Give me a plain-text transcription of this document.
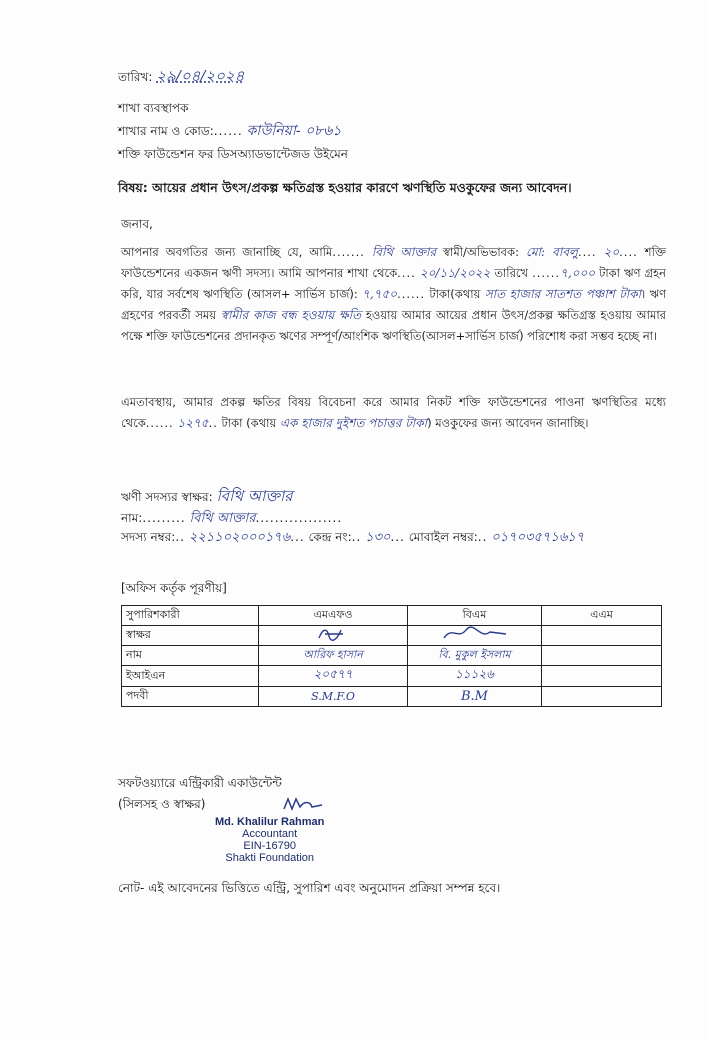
তারিখ: ২৯/০৪/২০২৪
শাখা ব্যবস্থাপক
শাখার নাম ও কোড:...... কাউনিয়া- ০৮৬১
শক্তি ফাউন্ডেশন ফর ডিসঅ্যাডভান্টেজড উইমেন
বিষয়: আয়ের প্রধান উৎস/প্রকল্প ক্ষতিগ্রস্ত হওয়ার কারণে ঋণস্থিতি মওকুফের জন্য আবেদন।
জনাব,
আপনার অবগতির জন্য জানাচ্ছি যে, আমি....... বিথি আক্তার স্বামী/অভিভাবক: মো: বাবলু.... ২০.... শক্তি ফাউন্ডেশনের একজন ঋণী সদস্য। আমি আপনার শাখা থেকে.... ২০/১১/২০২২ তারিখে ......৭,০০০ টাকা ঋণ গ্রহন করি, যার সর্বশেষ ঋণস্থিতি (আসল+ সার্ভিস চার্জ): ৭,৭৫০...... টাকা(কথায় সাত হাজার সাতশত পঞ্চাশ টাকা। ঋণ গ্রহণের পরবর্তী সময় স্বামীর কাজ বন্ধ হওয়ায় ক্ষতি হওয়ায় আমার আয়ের প্রধান উৎস/প্রকল্প ক্ষতিগ্রস্ত হওয়ায় আমার পক্ষে শক্তি ফাউন্ডেশনের প্রদানকৃত ঋণের সম্পূর্ণ/আংশিক ঋণস্থিতি(আসল+সার্ভিস চার্জ) পরিশোধ করা সম্ভব হচ্ছে না।
এমতাবস্থায়, আমার প্রকল্প ক্ষতির বিষয় বিবেচনা করে আমার নিকট শক্তি ফাউন্ডেশনের পাওনা ঋণস্থিতির মধ্যে থেকে...... ১২৭৫.. টাকা (কথায় এক হাজার দুইশত পচাত্তর টাকা) মওকুফের জন্য আবেদন জানাচ্ছি।
ঋণী সদস্যর স্বাক্ষর: বিথি আক্তার
নাম:......... বিথি আক্তার..................
সদস্য নম্বর:.. ২২১১০২০০০১৭৬... কেন্দ্র নং:.. ১৩০... মোবাইল নম্বর:.. ০১৭০৩৫৭১৬১৭
[অফিস কর্তৃক পূরণীয়]
সুপারিশকারী	এমএফও	বিএম	এএম
স্বাক্ষর			
নাম	আরিফ হাসান	বি. মুকুল ইসলাম	
ইআইএন	২০৫৭৭	১১১২৬	
পদবী	S.M.F.O	B.M	
সফটওয়্যারে এন্ট্রিকারী একাউন্টেন্ট
(সিলসহ ও স্বাক্ষর)
Md. Khalilur Rahman
Accountant
EIN-16790
Shakti Foundation
নোট- এই আবেদনের ভিত্তিতে এন্ট্রি, সুপারিশ এবং অনুমোদন প্রক্রিয়া সম্পন্ন হবে।
